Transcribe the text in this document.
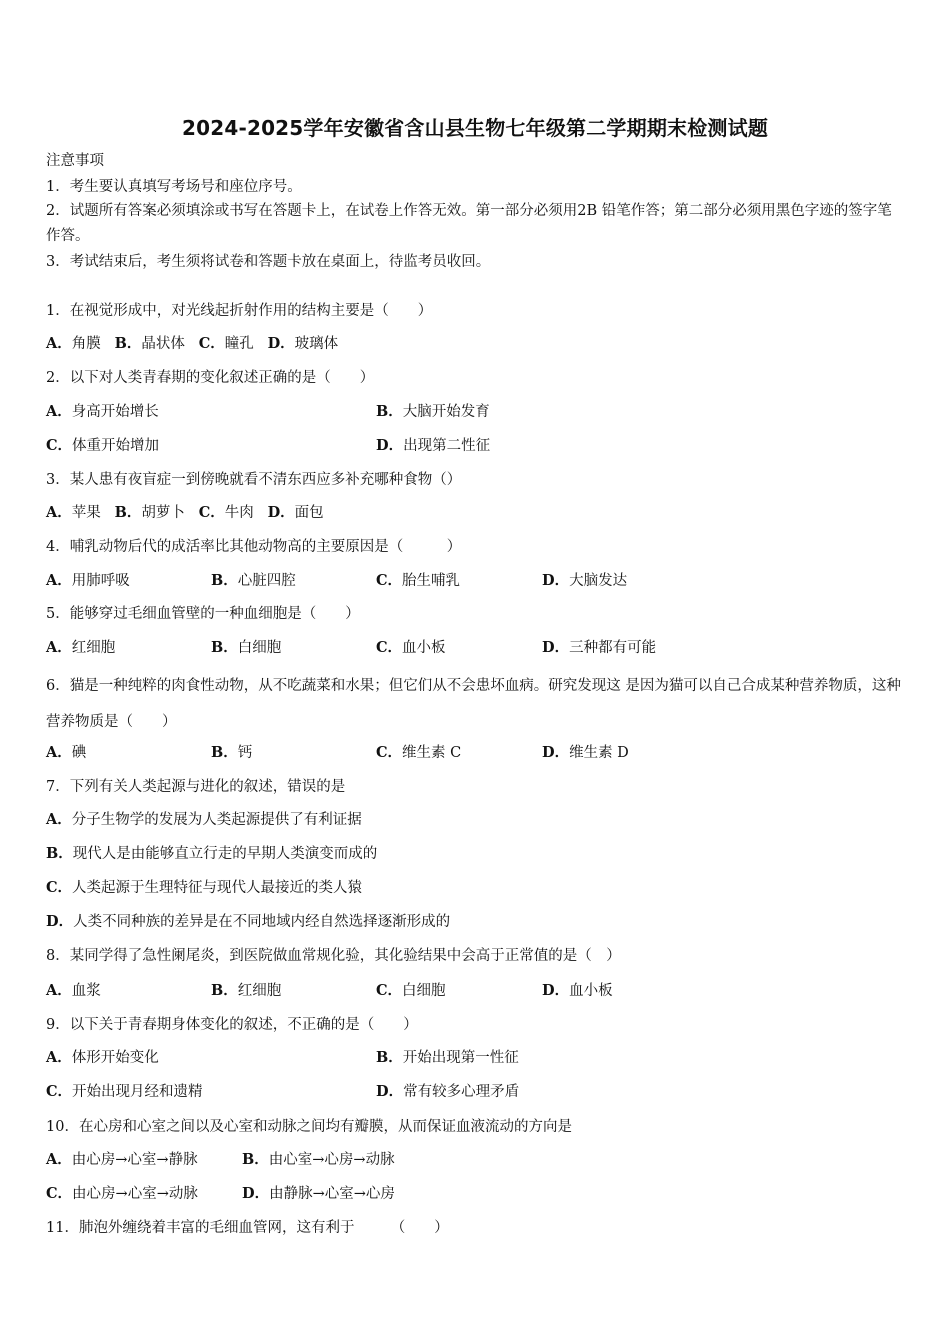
2024-2025学年安徽省含山县生物七年级第二学期期末检测试题
注意事项
1．考生要认真填写考场号和座位序号。
2．试题所有答案必须填涂或书写在答题卡上，在试卷上作答无效。第一部分必须用2B 铅笔作答；第二部分必须用黑色字迹的签字笔作答。
3．考试结束后，考生须将试卷和答题卡放在桌面上，待监考员收回。
1．在视觉形成中，对光线起折射作用的结构主要是（　　）
A．角膜 B．晶状体 C．瞳孔 D．玻璃体
2．以下对人类青春期的变化叙述正确的是（　　）
A．身高开始增长	B．大脑开始发育
C．体重开始增加	D．出现第二性征
3．某人患有夜盲症一到傍晚就看不清东西应多补充哪种食物（）
A．苹果 B．胡萝卜 C．牛肉 D．面包
4．哺乳动物后代的成活率比其他动物高的主要原因是（　　　）
A．用肺呼吸	B．心脏四腔	C．胎生哺乳	D．大脑发达
5．能够穿过毛细血管壁的一种血细胞是（　　）
A．红细胞	B．白细胞	C．血小板	D．三种都有可能
6．猫是一种纯粹的肉食性动物，从不吃蔬菜和水果；但它们从不会患坏血病。研究发现这 是因为猫可以自己合成某种营养物质，这种营养物质是（　　）
A．碘	B．钙	C．维生素 C	D．维生素 D
7．下列有关人类起源与进化的叙述，错误的是
A．分子生物学的发展为人类起源提供了有利证据
B．现代人是由能够直立行走的早期人类演变而成的
C．人类起源于生理特征与现代人最接近的类人猿
D．人类不同种族的差异是在不同地域内经自然选择逐渐形成的
8．某同学得了急性阑尾炎，到医院做血常规化验，其化验结果中会高于正常值的是（　）
A．血浆	B．红细胞	C．白细胞	D．血小板
9．以下关于青春期身体变化的叙述，不正确的是（　　）
A．体形开始变化	B．开始出现第一性征
C．开始出现月经和遗精	D．常有较多心理矛盾
10．在心房和心室之间以及心室和动脉之间均有瓣膜，从而保证血液流动的方向是
A．由心房→心室→静脉	B．由心室→心房→动脉
C．由心房→心室→动脉	D．由静脉→心室→心房
11．肺泡外缠绕着丰富的毛细血管网，这有利于　　　（　　）
